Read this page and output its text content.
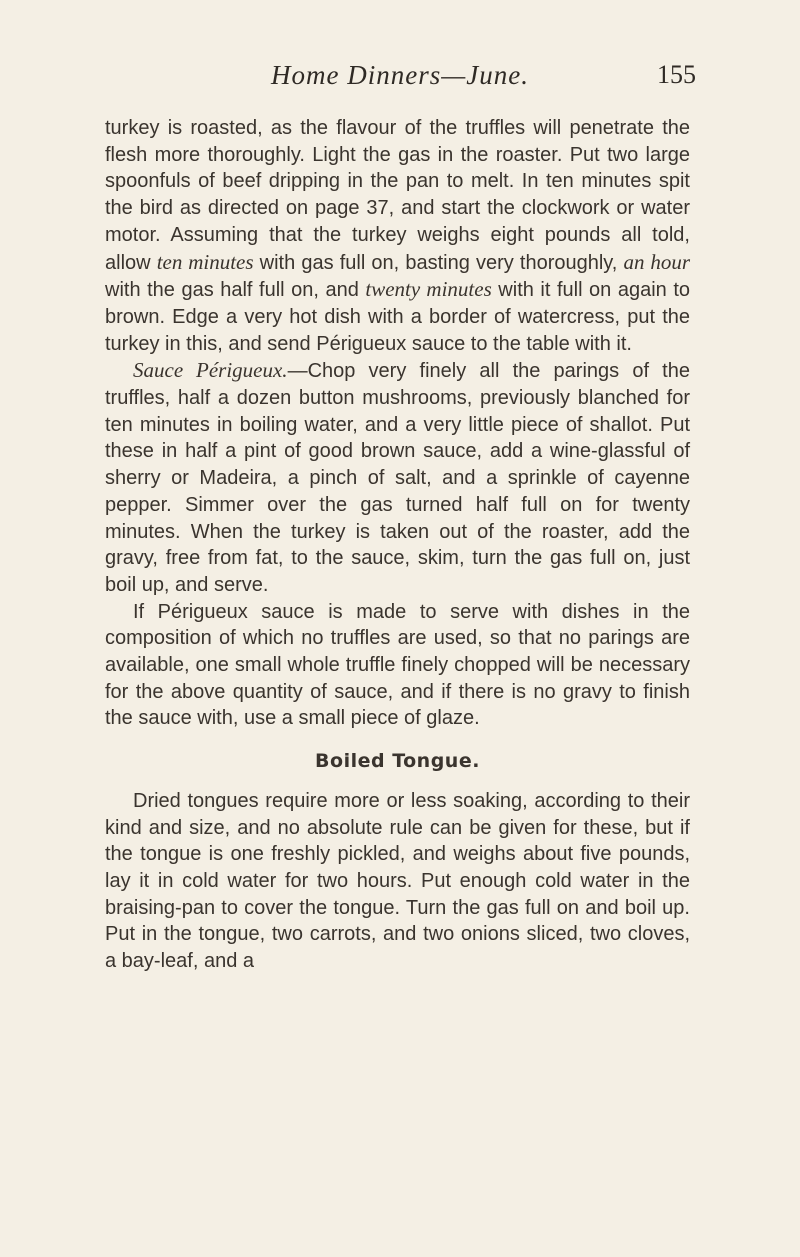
Home Dinners—June.	155

turkey is roasted, as the flavour of the truffles will penetrate the flesh more thoroughly. Light the gas in the roaster. Put two large spoonfuls of beef dripping in the pan to melt. In ten minutes spit the bird as directed on page 37, and start the clockwork or water motor. Assuming that the turkey weighs eight pounds all told, allow ten minutes with gas full on, basting very thoroughly, an hour with the gas half full on, and twenty minutes with it full on again to brown. Edge a very hot dish with a border of watercress, put the turkey in this, and send Périgueux sauce to the table with it.

Sauce Périgueux.—Chop very finely all the parings of the truffles, half a dozen button mushrooms, previously blanched for ten minutes in boiling water, and a very little piece of shallot. Put these in half a pint of good brown sauce, add a wine-glassful of sherry or Madeira, a pinch of salt, and a sprinkle of cayenne pepper. Simmer over the gas turned half full on for twenty minutes. When the turkey is taken out of the roaster, add the gravy, free from fat, to the sauce, skim, turn the gas full on, just boil up, and serve.

If Périgueux sauce is made to serve with dishes in the composition of which no truffles are used, so that no parings are available, one small whole truffle finely chopped will be necessary for the above quantity of sauce, and if there is no gravy to finish the sauce with, use a small piece of glaze.

Boiled Tongue.

Dried tongues require more or less soaking, according to their kind and size, and no absolute rule can be given for these, but if the tongue is one freshly pickled, and weighs about five pounds, lay it in cold water for two hours. Put enough cold water in the braising-pan to cover the tongue. Turn the gas full on and boil up. Put in the tongue, two carrots, and two onions sliced, two cloves, a bay-leaf, and a
